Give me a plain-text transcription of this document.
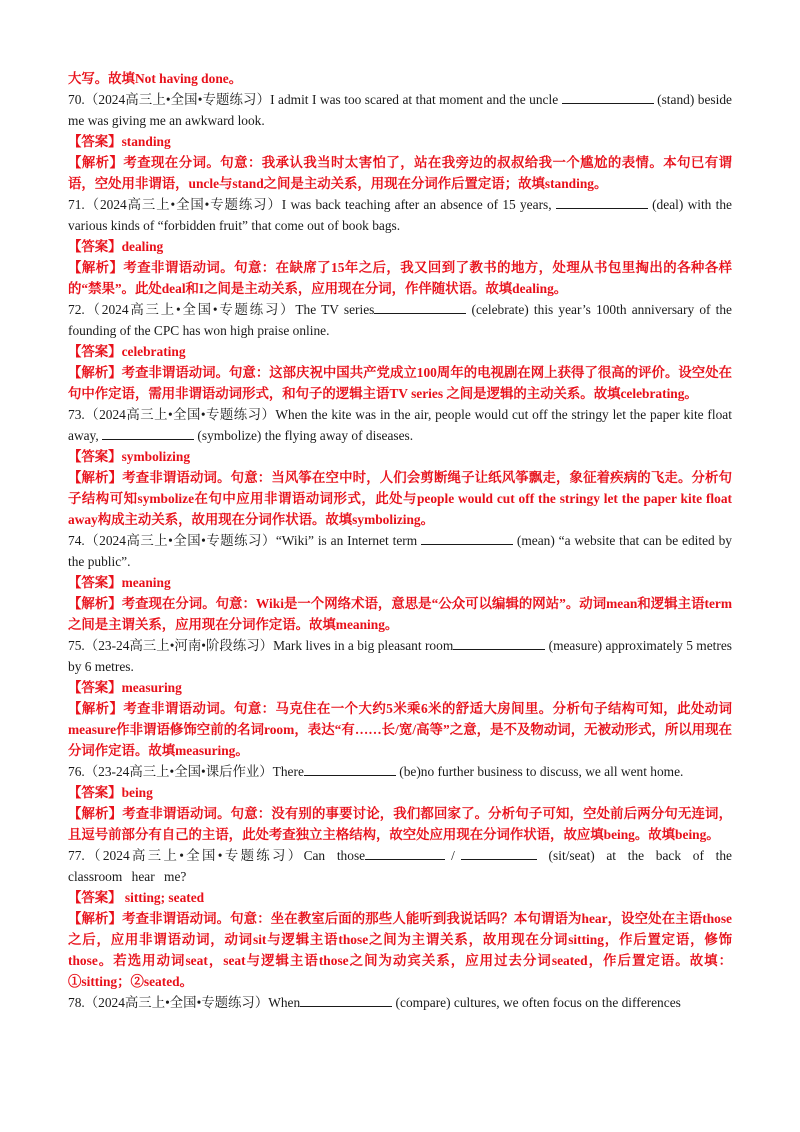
大写。故填Not having done。
70.（2024高三上•全国•专题练习）I admit I was too scared at that moment and the uncle	(stand) beside me was giving me an awkward look.
【答案】standing
【解析】考查现在分词。句意：我承认我当时太害怕了，站在我旁边的叔叔给我一个尴尬的表情。本句已有谓语，空处用非谓语，uncle与stand之间是主动关系，用现在分词作后置定语；故填standing。
71.（2024高三上•全国•专题练习）I was back teaching after an absence of 15 years,	(deal) with the various kinds of “forbidden fruit” that come out of book bags.
【答案】dealing
【解析】考查非谓语动词。句意：在缺席了15年之后，我又回到了教书的地方，处理从书包里掏出的各种各样的“禁果”。此处deal和I之间是主动关系，应用现在分词，作伴随状语。故填dealing。
72.（2024高三上•全国•专题练习）The TV series	(celebrate) this year’s 100th anniversary of the founding of the CPC has won high praise online.
【答案】celebrating
【解析】考查非谓语动词。句意：这部庆祝中国共产党成立100周年的电视剧在网上获得了很高的评价。设空处在句中作定语，需用非谓语动词形式，和句子的逻辑主语TV series 之间是逻辑的主动关系。故填celebrating。
73.（2024高三上•全国•专题练习）When the kite was in the air, people would cut off the stringy let the paper kite float away,	(symbolize) the flying away of diseases.
【答案】symbolizing
【解析】考查非谓语动词。句意：当风筝在空中时，人们会剪断绳子让纸风筝飘走，象征着疾病的飞走。分析句子结构可知symbolize在句中应用非谓语动词形式，此处与people would cut off the stringy let the paper kite float away构成主动关系，故用现在分词作状语。故填symbolizing。
74.（2024高三上•全国•专题练习）“Wiki” is an Internet term	(mean) “a website that can be edited by the public”.
【答案】meaning
【解析】考查现在分词。句意：Wiki是一个网络术语，意思是“公众可以编辑的网站”。动词mean和逻辑主语term之间是主谓关系，应用现在分词作定语。故填meaning。
75.（23-24高三上•河南•阶段练习）Mark lives in a big pleasant room	(measure) approximately 5 metres by 6 metres.
【答案】measuring
【解析】考查非谓语动词。句意：马克住在一个大约5米乘6米的舒适大房间里。分析句子结构可知，此处动词measure作非谓语修饰空前的名词room，表达“有……长/宽/高等”之意，是不及物动词，无被动形式，所以用现在分词作定语。故填measuring。
76.（23-24高三上•全国•课后作业）There	(be)no further business to discuss, we all went home.
【答案】being
【解析】考查非谓语动词。句意：没有别的事要讨论，我们都回家了。分析句子可知，空处前后两分句无连词，且逗号前部分有自己的主语，此处考查独立主格结构，故空处应用现在分词作状语，故应填being。故填being。
77.（2024高三上•全国•专题练习）Can those	/	(sit/seat) at the back of the classroom hear me?
【答案】 sitting; seated
【解析】考查非谓语动词。句意：坐在教室后面的那些人能听到我说话吗？本句谓语为hear，设空处在主语those之后，应用非谓语动词，动词sit与逻辑主语those之间为主谓关系，故用现在分词sitting，作后置定语，修饰those。若选用动词seat，seat与逻辑主语those之间为动宾关系，应用过去分词seated，作后置定语。故填：①sitting；②seated。
78.（2024高三上•全国•专题练习）When	(compare) cultures, we often focus on the differences
